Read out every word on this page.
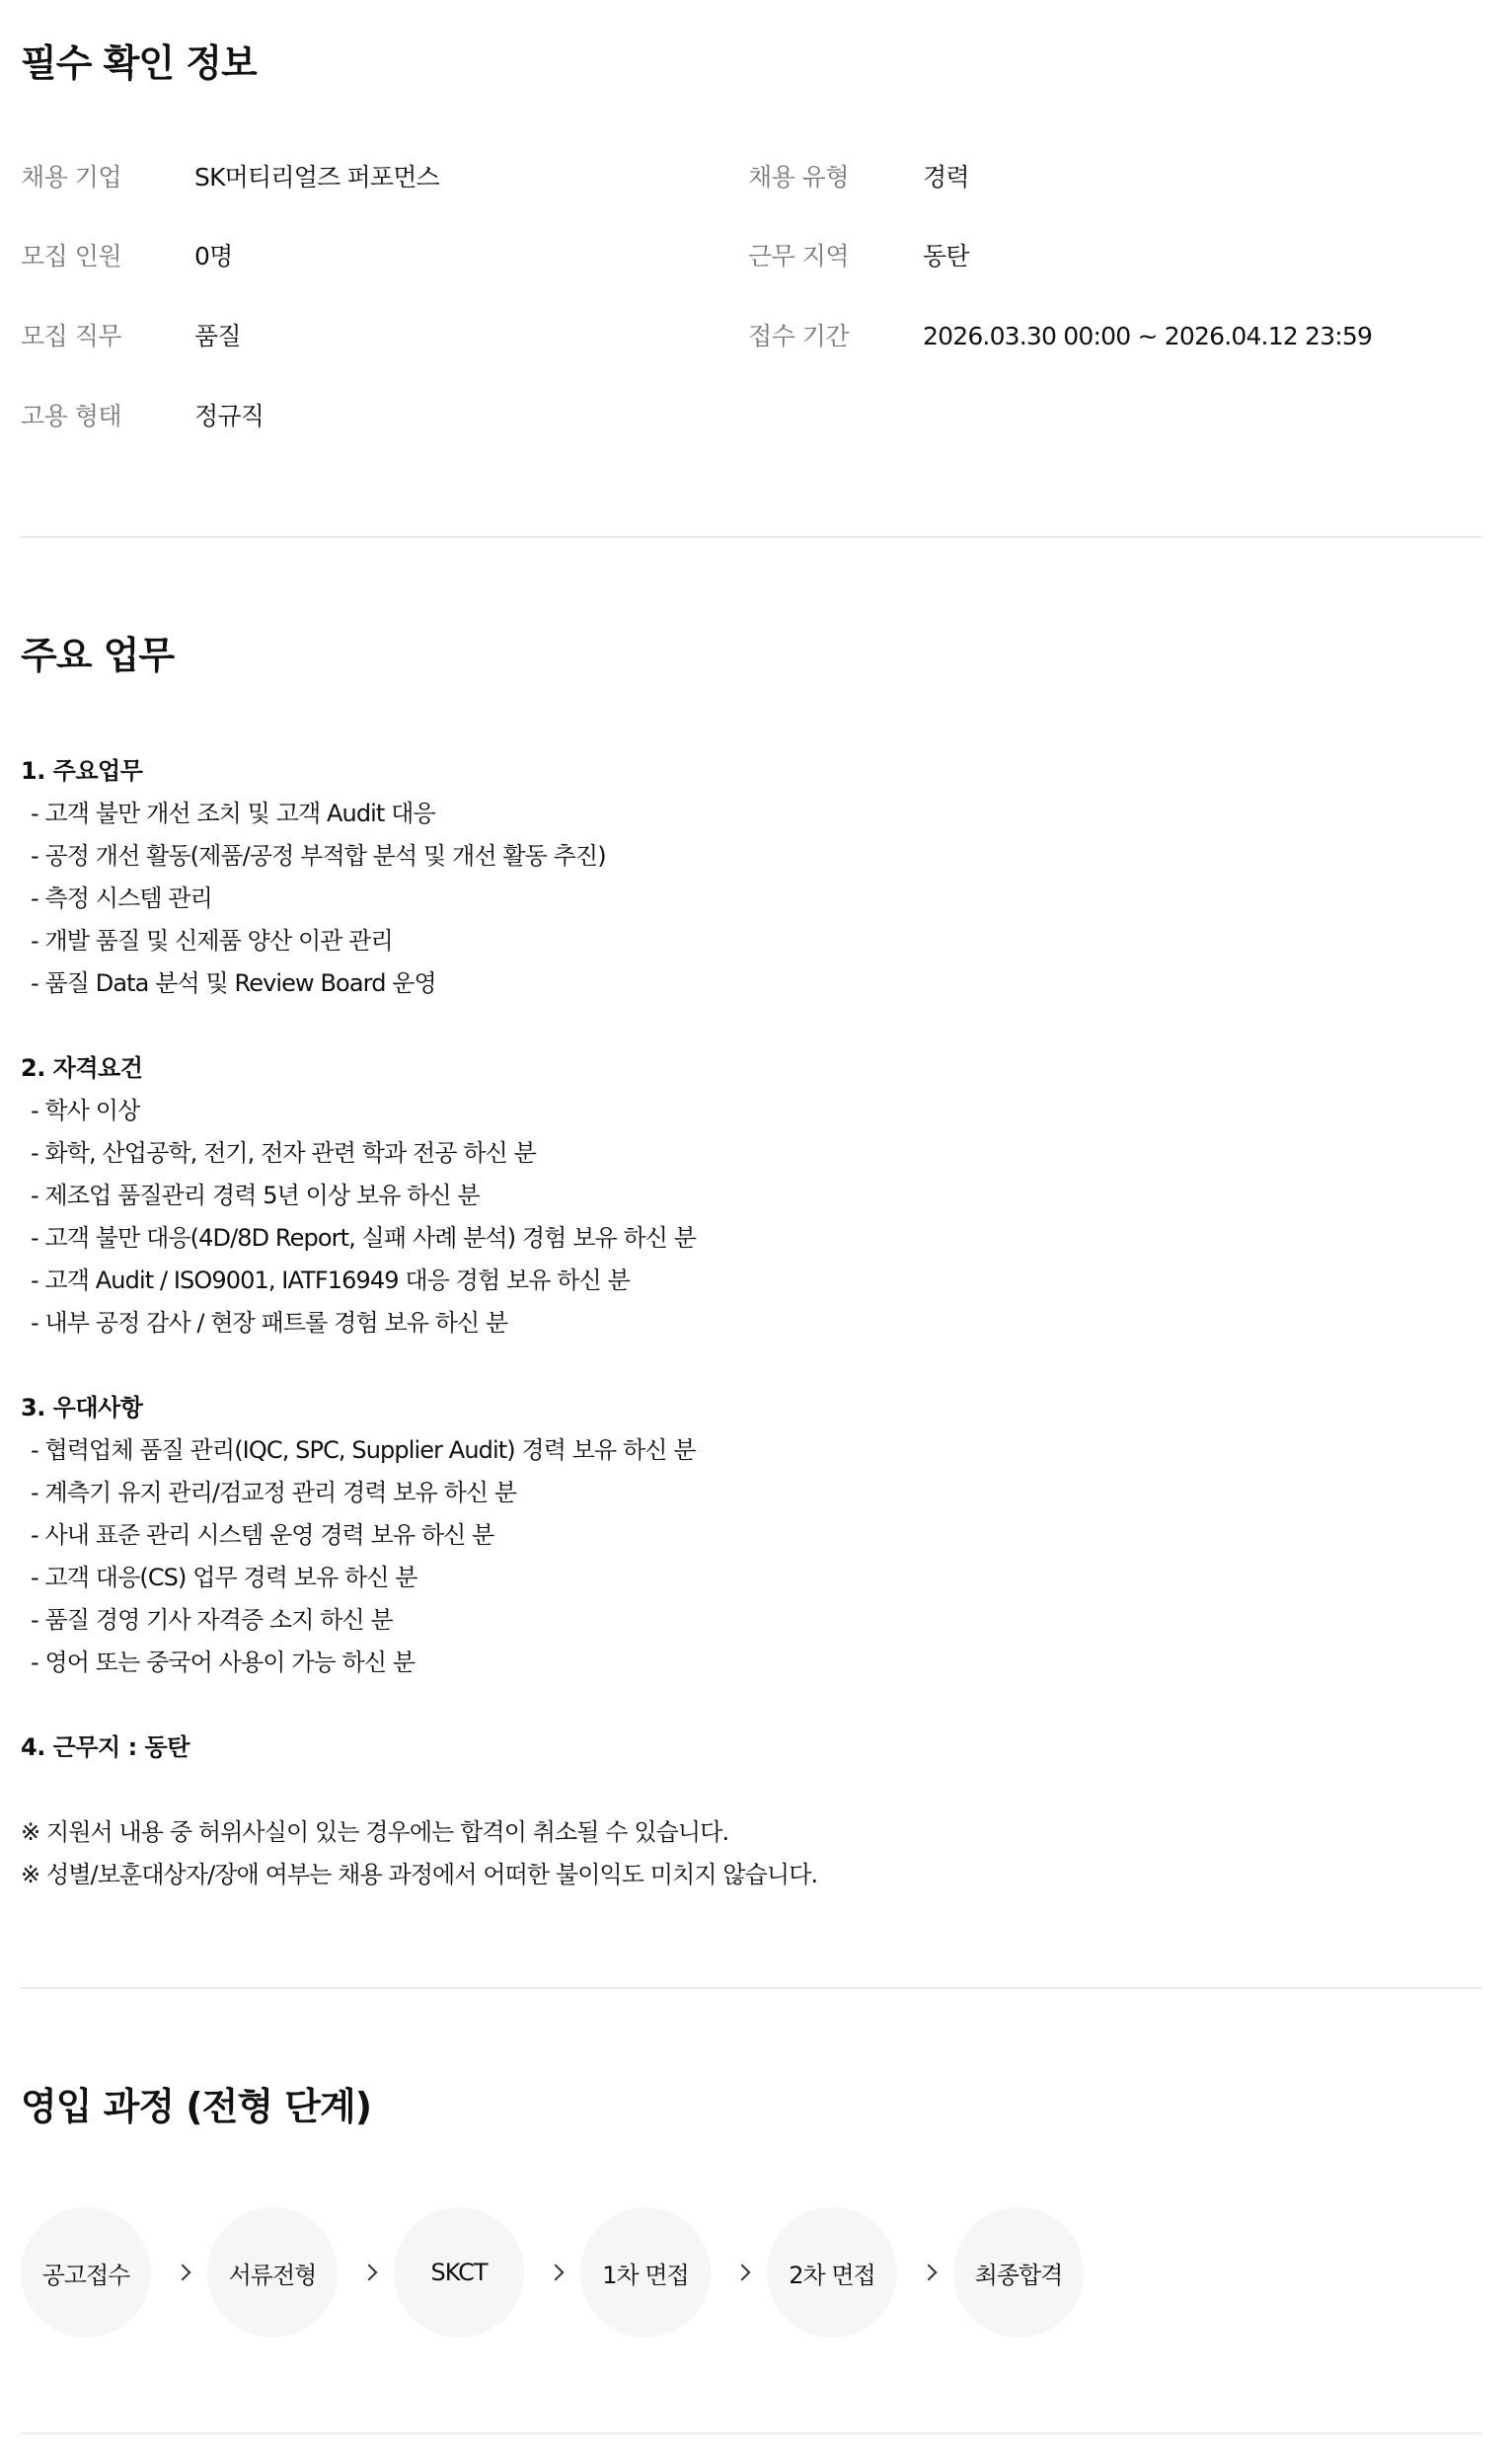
필수 확인 정보
채용 기업	SK머티리얼즈 퍼포먼스
모집 인원	0명
모집 직무	품질
고용 형태	정규직
채용 유형	경력
근무 지역	동탄
접수 기간	2026.03.30 00:00 ~ 2026.04.12 23:59
주요 업무
1. 주요업무
- 고객 불만 개선 조치 및 고객 Audit 대응
- 공정 개선 활동(제품/공정 부적합 분석 및 개선 활동 추진)
- 측정 시스템 관리
- 개발 품질 및 신제품 양산 이관 관리
- 품질 Data 분석 및 Review Board 운영
2. 자격요건
- 학사 이상
- 화학, 산업공학, 전기, 전자 관련 학과 전공 하신 분
- 제조업 품질관리 경력 5년 이상 보유 하신 분
- 고객 불만 대응(4D/8D Report, 실패 사례 분석) 경험 보유 하신 분
- 고객 Audit / ISO9001, IATF16949 대응 경험 보유 하신 분
- 내부 공정 감사 / 현장 패트롤 경험 보유 하신 분
3. 우대사항
- 협력업체 품질 관리(IQC, SPC, Supplier Audit) 경력 보유 하신 분
- 계측기 유지 관리/검교정 관리 경력 보유 하신 분
- 사내 표준 관리 시스템 운영 경력 보유 하신 분
- 고객 대응(CS) 업무 경력 보유 하신 분
- 품질 경영 기사 자격증 소지 하신 분
- 영어 또는 중국어 사용이 가능 하신 분
4. 근무지 : 동탄
※ 지원서 내용 중 허위사실이 있는 경우에는 합격이 취소될 수 있습니다.
※ 성별/보훈대상자/장애 여부는 채용 과정에서 어떠한 불이익도 미치지 않습니다.
영입 과정 (전형 단계)
공고접수	서류전형	SKCT	1차 면접	2차 면접	최종합격
